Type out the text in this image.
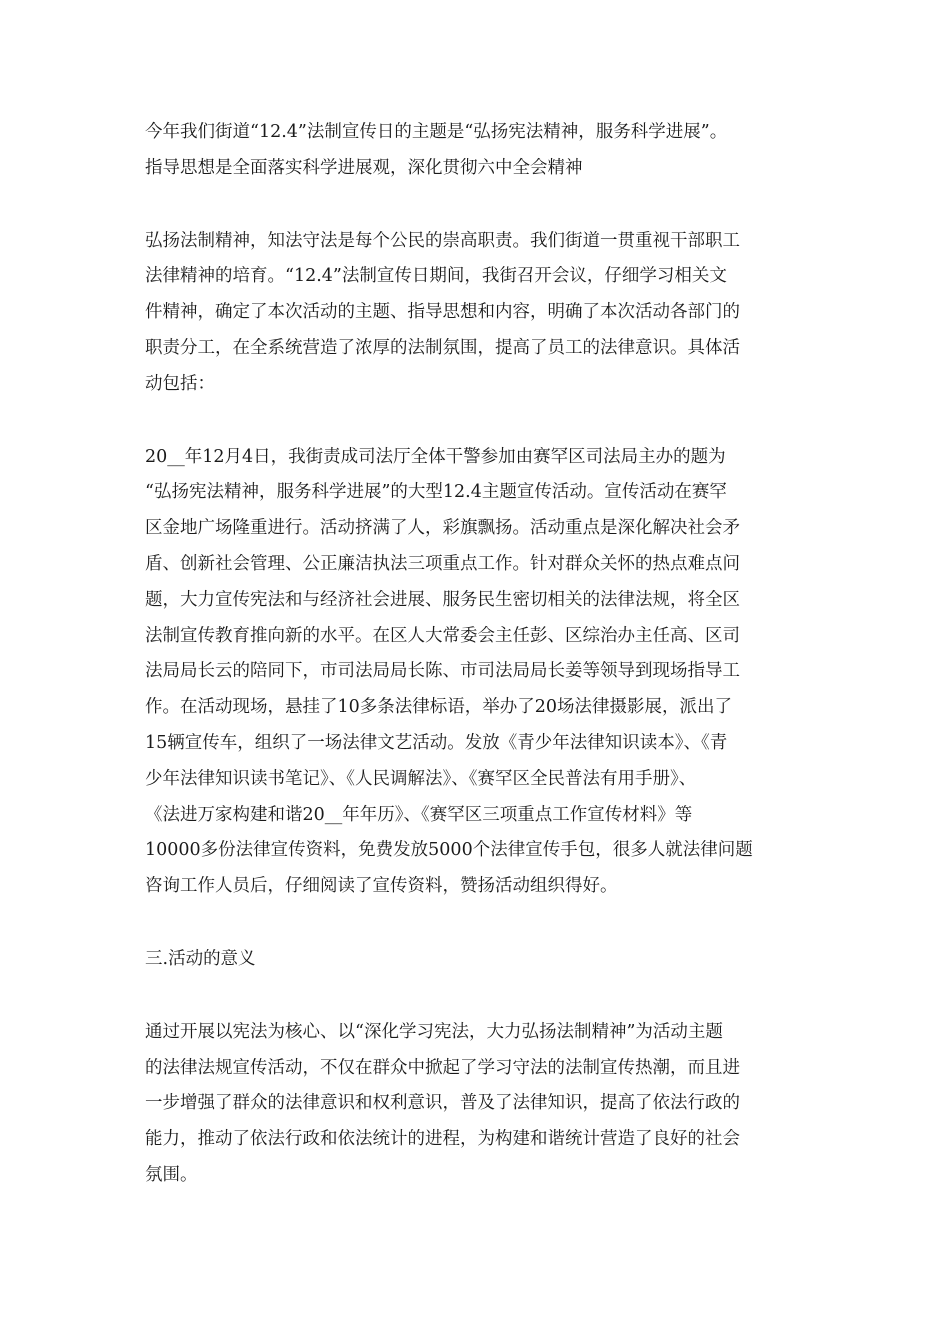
今年我们街道“12.4”法制宣传日的主题是“弘扬宪法精神，服务科学进展”。
指导思想是全面落实科学进展观，深化贯彻六中全会精神

弘扬法制精神，知法守法是每个公民的崇高职责。我们街道一贯重视干部职工
法律精神的培育。“12.4”法制宣传日期间，我街召开会议，仔细学习相关文
件精神，确定了本次活动的主题、指导思想和内容，明确了本次活动各部门的
职责分工，在全系统营造了浓厚的法制氛围，提高了员工的法律意识。具体活
动包括：

20__年12月4日，我街责成司法厅全体干警参加由赛罕区司法局主办的题为
“弘扬宪法精神，服务科学进展”的大型12.4主题宣传活动。宣传活动在赛罕
区金地广场隆重进行。活动挤满了人，彩旗飘扬。活动重点是深化解决社会矛
盾、创新社会管理、公正廉洁执法三项重点工作。针对群众关怀的热点难点问
题，大力宣传宪法和与经济社会进展、服务民生密切相关的法律法规，将全区
法制宣传教育推向新的水平。在区人大常委会主任彭、区综治办主任高、区司
法局局长云的陪同下，市司法局局长陈、市司法局局长姜等领导到现场指导工
作。在活动现场，悬挂了10多条法律标语，举办了20场法律摄影展，派出了
15辆宣传车，组织了一场法律文艺活动。发放《青少年法律知识读本》、《青
少年法律知识读书笔记》、《人民调解法》、《赛罕区全民普法有用手册》、
《法进万家构建和谐20__年年历》、《赛罕区三项重点工作宣传材料》等
10000多份法律宣传资料，免费发放5000个法律宣传手包，很多人就法律问题
咨询工作人员后，仔细阅读了宣传资料，赞扬活动组织得好。

三.活动的意义

通过开展以宪法为核心、以“深化学习宪法，大力弘扬法制精神”为活动主题
的法律法规宣传活动，不仅在群众中掀起了学习守法的法制宣传热潮，而且进
一步增强了群众的法律意识和权利意识，普及了法律知识，提高了依法行政的
能力，推动了依法行政和依法统计的进程，为构建和谐统计营造了良好的社会
氛围。
